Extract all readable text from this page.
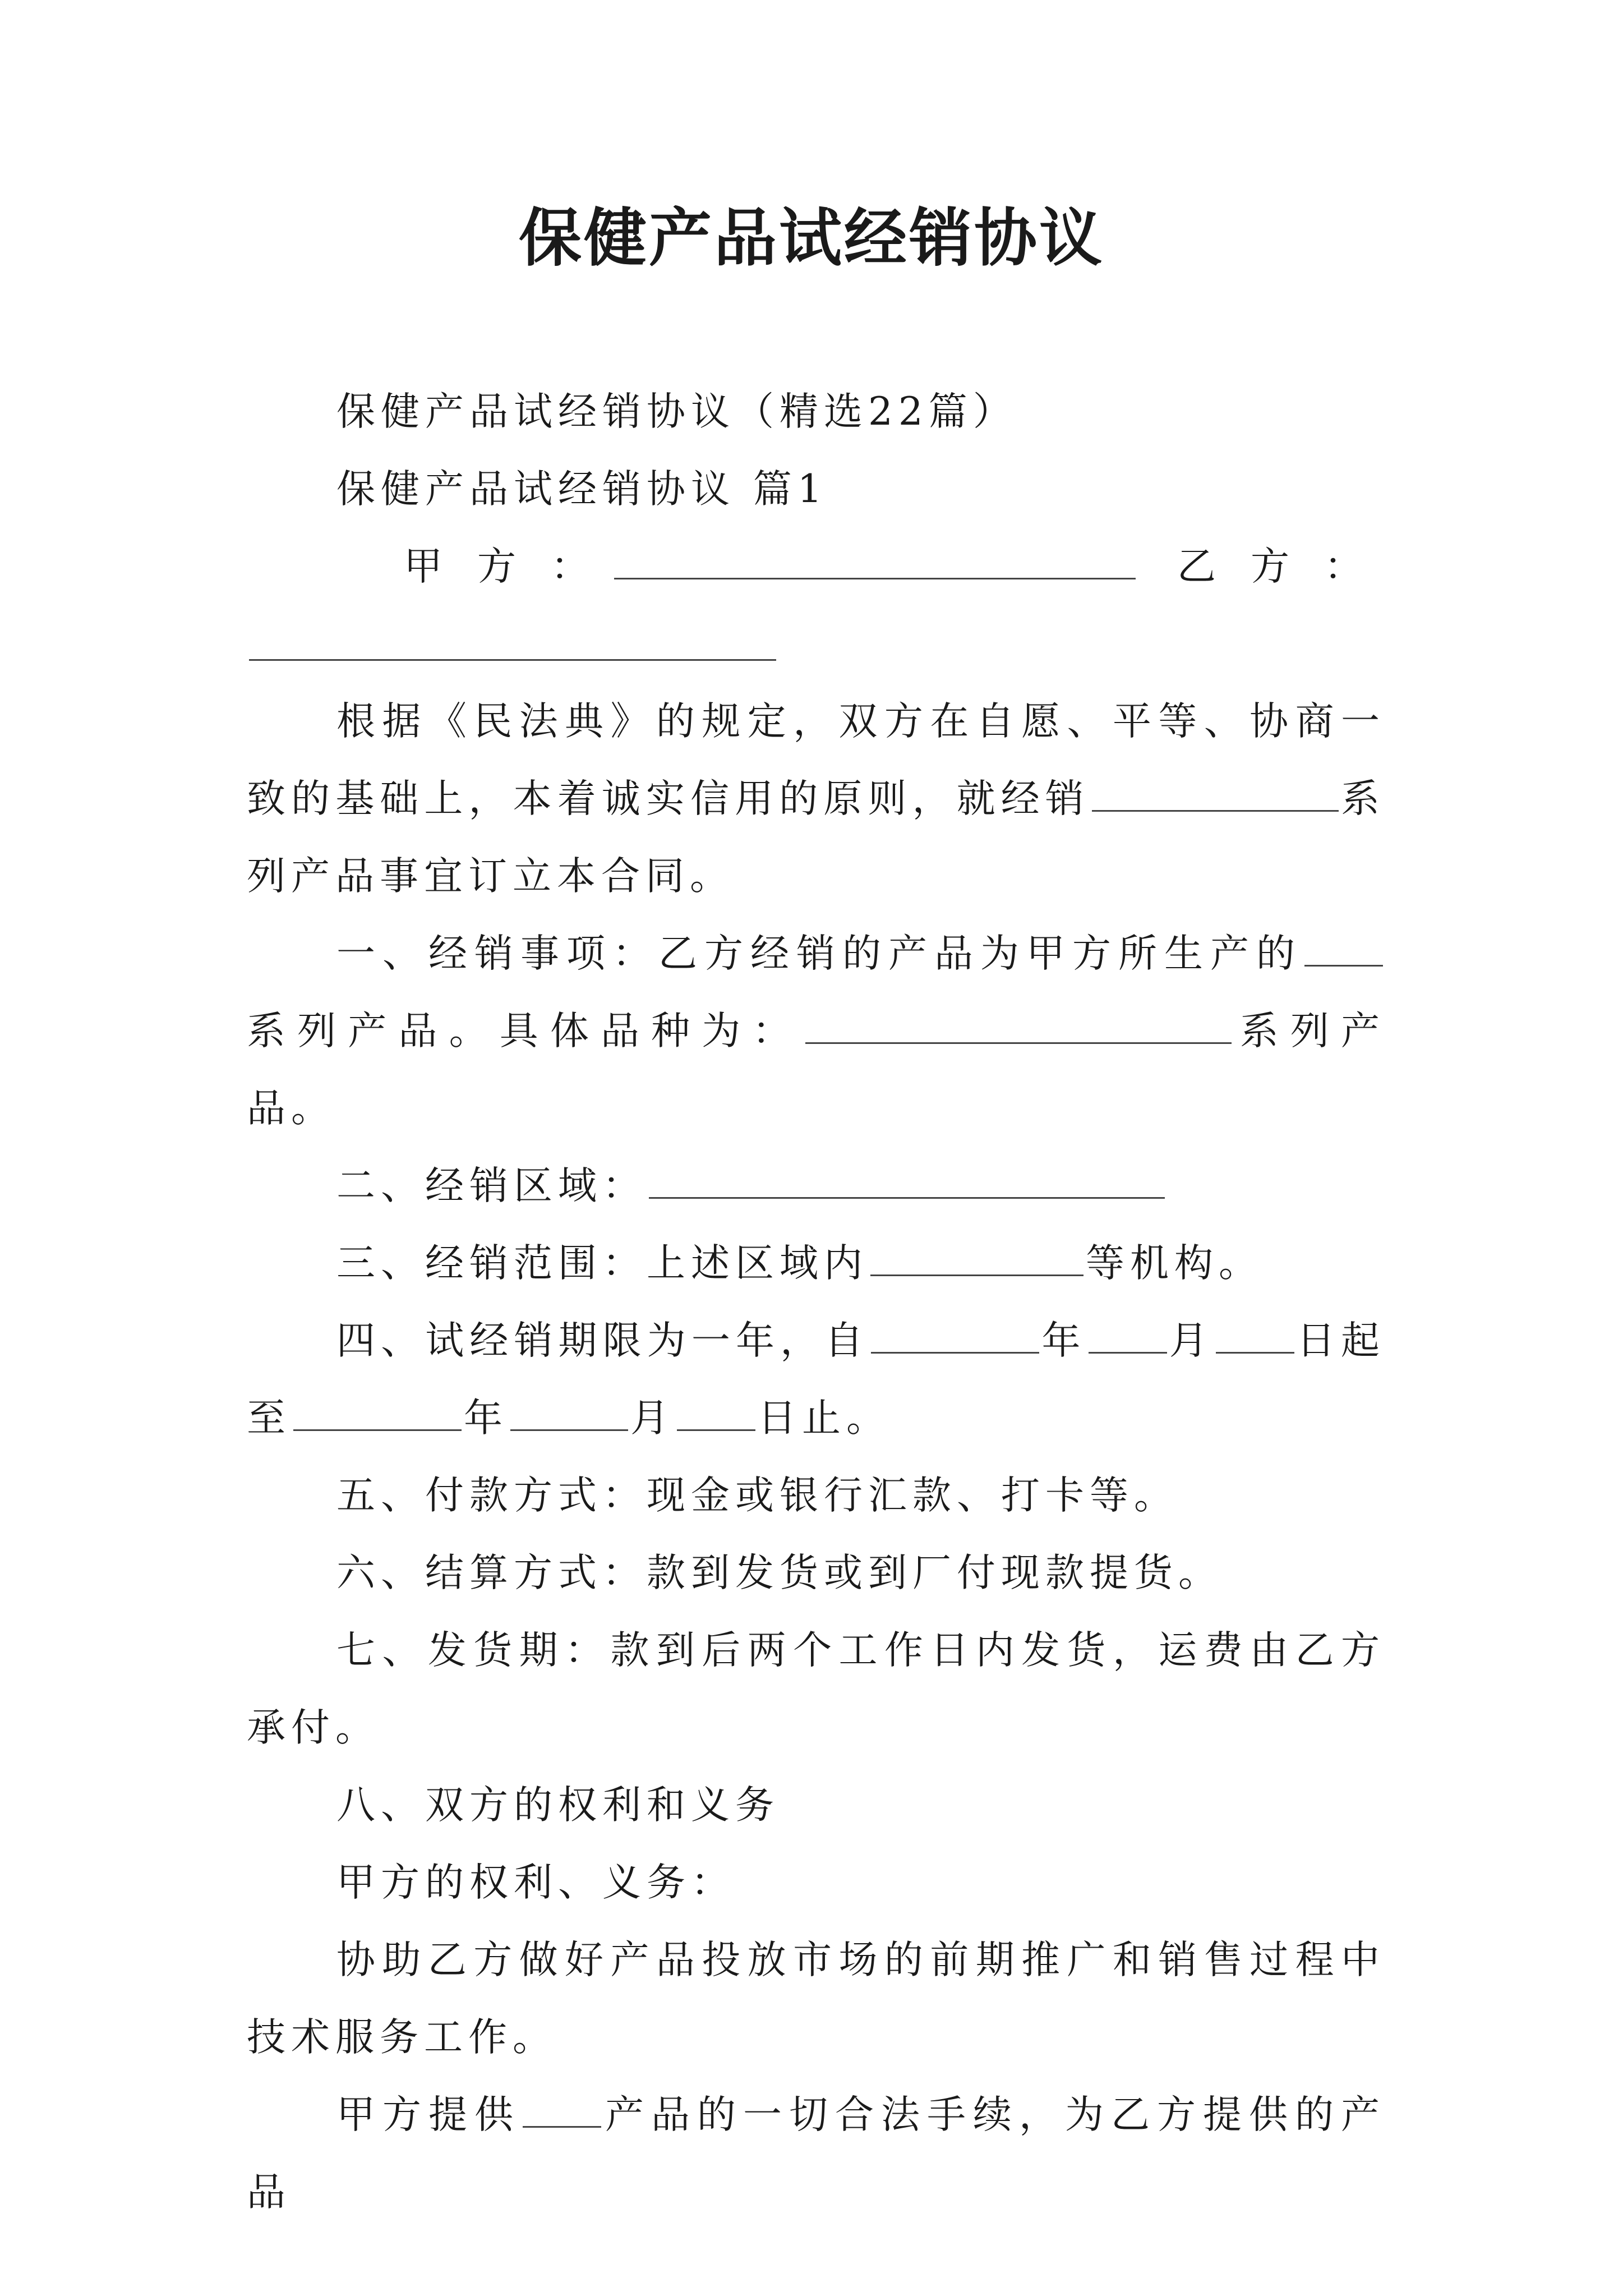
保健产品试经销协议

保健产品试经销协议（精选22篇）

保健产品试经销协议 篇1

甲方 ：	乙方 ：

根据《民法典》的规定，双方在自愿、平等、协商一致的基础上，本着诚实信用的原则，就经销	系列产品事宜订立本合同。

一、经销事项：乙方经销的产品为甲方所生产的系列产品。具体品种为：	系列产品。

二、经销区域：

三、经销范围：上述区域内	等机构。

四、试经销期限为一年，自	年 月 日起至	年	月 日止。

五、付款方式：现金或银行汇款、打卡等。

六、结算方式：款到发货或到厂付现款提货。

七、发货期：款到后两个工作日内发货，运费由乙方承付。

八、双方的权利和义务

甲方的权利、义务：

协助乙方做好产品投放市场的前期推广和销售过程中技术服务工作。

甲方提供 产品的一切合法手续，为乙方提供的产品
